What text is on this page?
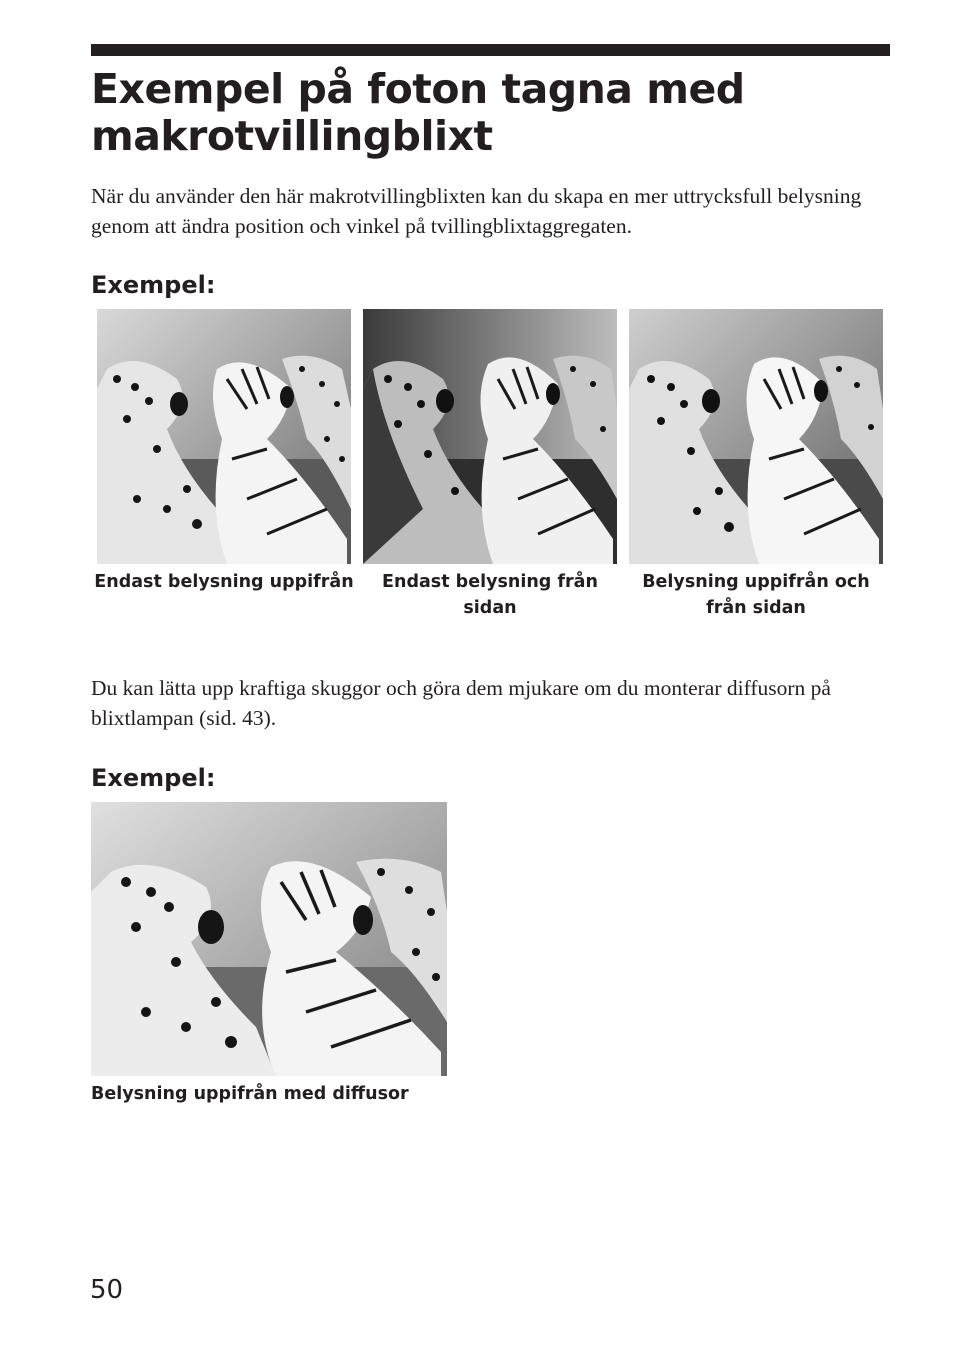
Exempel på foton tagna med
makrotvillingblixt

När du använder den här makrotvillingblixten kan du skapa en mer uttrycksfull belysning genom att ändra position och vinkel på tvillingblixtaggregaten.

Exempel:

Endast belysning uppifrån	Endast belysning från sidan

Belysning uppifrån och från sidan

Du kan lätta upp kraftiga skuggor och göra dem mjukare om du monterar diffusorn på blixtlampan (sid. 43).

Exempel:

Belysning uppifrån med diffusor

50
